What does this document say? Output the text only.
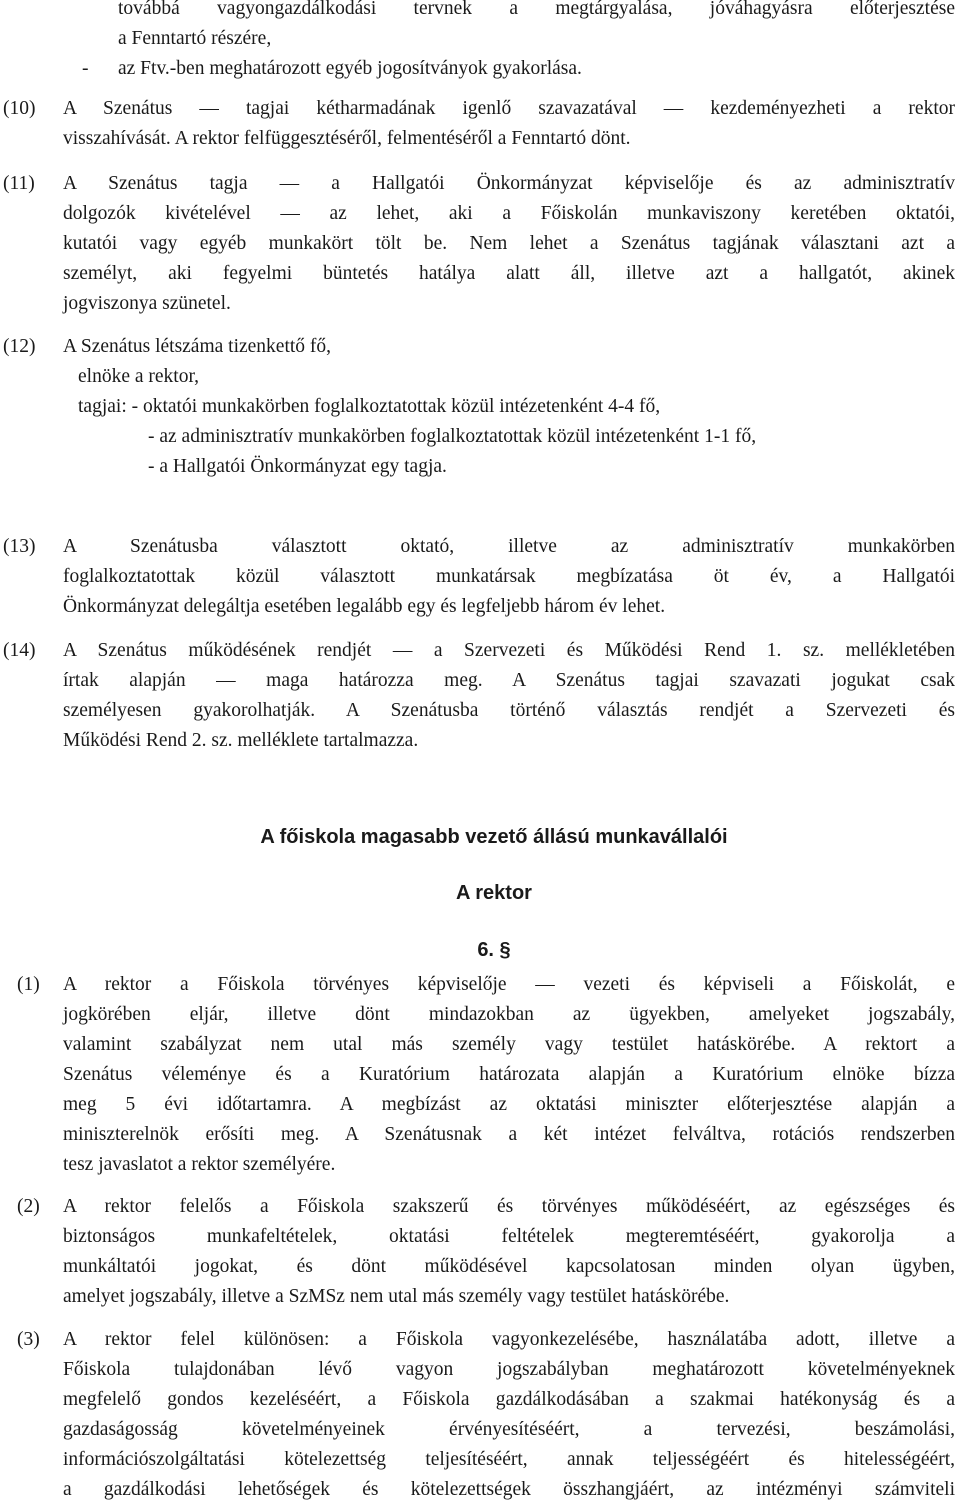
továbbá vagyongazdálkodási tervnek a megtárgyalása, jóváhagyásra előterjesztése
a Fenntartó részére,
- az Ftv.-ben meghatározott egyéb jogosítványok gyakorlása.
(10) A Szenátus — tagjai kétharmadának igenlő szavazatával — kezdeményezheti a rektor
visszahívását. A rektor felfüggesztéséről, felmentéséről a Fenntartó dönt.
(11) A Szenátus tagja — a Hallgatói Önkormányzat képviselője és az adminisztratív
dolgozók kivételével — az lehet, aki a Főiskolán munkaviszony keretében oktatói,
kutatói vagy egyéb munkakört tölt be. Nem lehet a Szenátus tagjának választani azt a
személyt, aki fegyelmi büntetés hatálya alatt áll, illetve azt a hallgatót, akinek
jogviszonya szünetel.
(12) A Szenátus létszáma tizenkettő fő,
elnöke a rektor,
tagjai: - oktatói munkakörben foglalkoztatottak közül intézetenként 4-4 fő,
- az adminisztratív munkakörben foglalkoztatottak közül intézetenként 1-1 fő,
- a Hallgatói Önkormányzat egy tagja.
(13) A Szenátusba választott oktató, illetve az adminisztratív munkakörben
foglalkoztatottak közül választott munkatársak megbízatása öt év, a Hallgatói
Önkormányzat delegáltja esetében legalább egy és legfeljebb három év lehet.
(14) A Szenátus működésének rendjét — a Szervezeti és Működési Rend 1. sz. mellékletében
írtak alapján — maga határozza meg. A Szenátus tagjai szavazati jogukat csak
személyesen gyakorolhatják. A Szenátusba történő választás rendjét a Szervezeti és
Működési Rend 2. sz. melléklete tartalmazza.
A főiskola magasabb vezető állású munkavállalói
A rektor
6. §
(1) A rektor a Főiskola törvényes képviselője — vezeti és képviseli a Főiskolát, e
jogkörében eljár, illetve dönt mindazokban az ügyekben, amelyeket jogszabály,
valamint szabályzat nem utal más személy vagy testület hatáskörébe. A rektort a
Szenátus véleménye és a Kuratórium határozata alapján a Kuratórium elnöke bízza
meg 5 évi időtartamra. A megbízást az oktatási miniszter előterjesztése alapján a
miniszterelnök erősíti meg. A Szenátusnak a két intézet felváltva, rotációs rendszerben
tesz javaslatot a rektor személyére.
(2) A rektor felelős a Főiskola szakszerű és törvényes működéséért, az egészséges és
biztonságos munkafeltételek, oktatási feltételek megteremtéséért, gyakorolja a
munkáltatói jogokat, és dönt működésével kapcsolatosan minden olyan ügyben,
amelyet jogszabály, illetve a SzMSz nem utal más személy vagy testület hatáskörébe.
(3) A rektor felel különösen: a Főiskola vagyonkezelésébe, használatába adott, illetve a
Főiskola tulajdonában lévő vagyon jogszabályban meghatározott követelményeknek
megfelelő gondos kezeléséért, a Főiskola gazdálkodásában a szakmai hatékonyság és a
gazdaságosság követelményeinek érvényesítéséért, a tervezési, beszámolási,
információszolgáltatási kötelezettség teljesítéséért, annak teljességéért és hitelességéért,
a gazdálkodási lehetőségek és kötelezettségek összhangjáért, az intézményi számviteli
